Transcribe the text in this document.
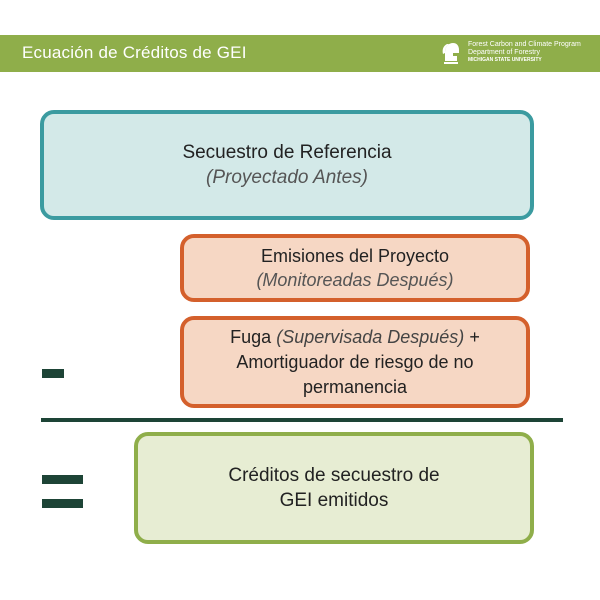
Ecuación de Créditos de GEI	Forest Carbon and Climate Program
Department of Forestry
MICHIGAN STATE UNIVERSITY
Secuestro de Referencia
(Proyectado Antes)
Emisiones del Proyecto
(Monitoreadas Después)
Fuga (Supervisada Después) +
Amortiguador de riesgo de no
permanencia
Créditos de secuestro de
GEI emitidos
